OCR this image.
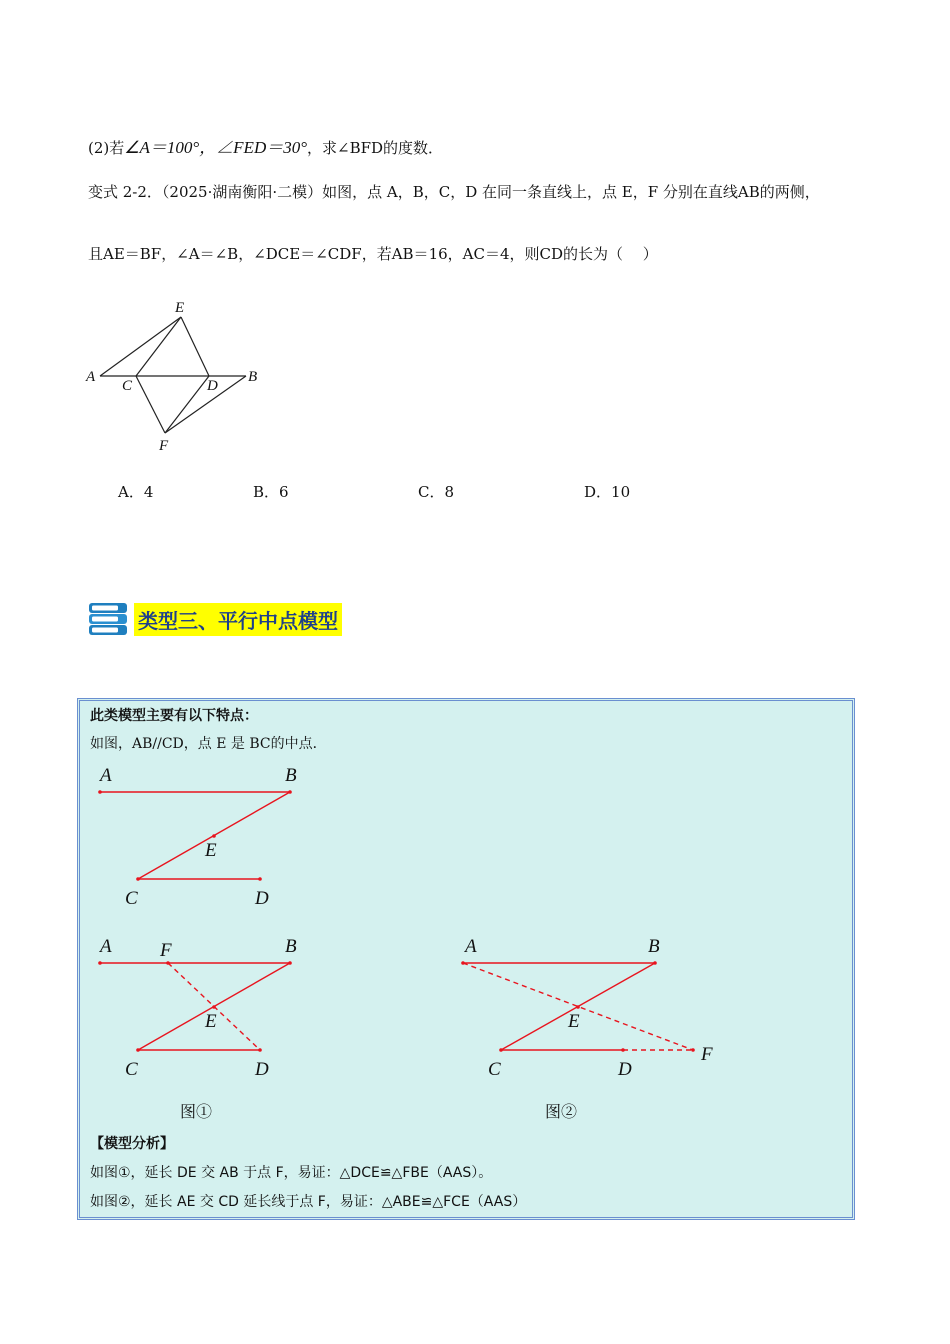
(2)若∠A＝100°，∠FED＝30°，求∠BFD的度数．
变式 2-2．（2025·湖南衡阳·二模）如图，点 A，B，C，D 在同一条直线上，点 E，F 分别在直线AB的两侧，
且AE＝BF，∠A＝∠B，∠DCE＝∠CDF，若AB＝16，AC＝4，则CD的长为（　 ）
E
A
C	D
B
F
A．4	B．6	C．8	D．10
类型三、平行中点模型
此类模型主要有以下特点：
如图，AB//CD，点 E 是 BC的中点．
A	B
E
C	D
A	F	B
E
C	D
A	B
E
C	D
F
图①	图②
【模型分析】
如图①，延长 DE 交 AB 于点 F，易证：△DCE≌△FBE（AAS）。
如图②，延长 AE 交 CD 延长线于点 F，易证：△ABE≌△FCE（AAS）
